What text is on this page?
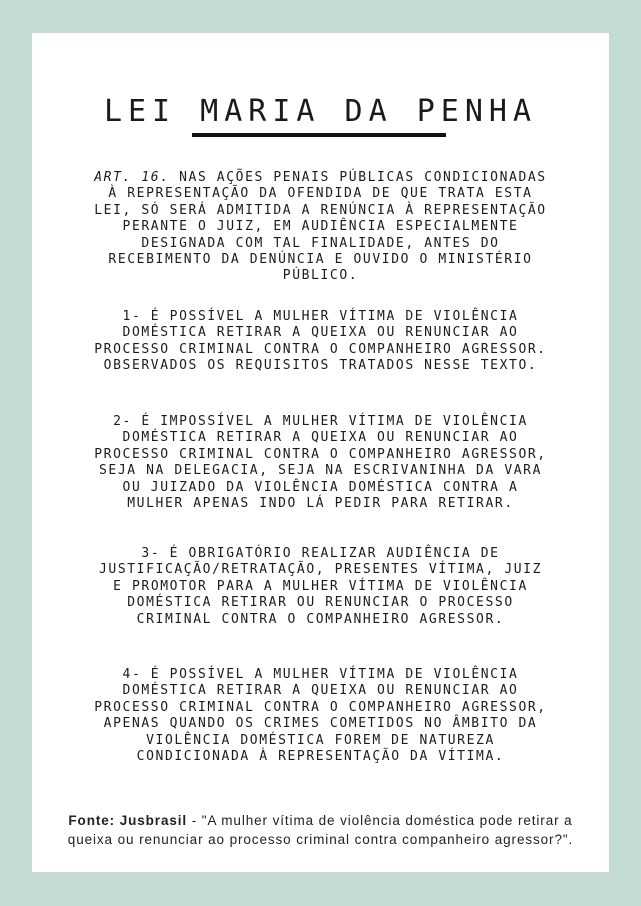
LEI MARIA DA PENHA
ART. 16. NAS AÇÕES PENAIS PÚBLICAS CONDICIONADAS
À REPRESENTAÇÃO DA OFENDIDA DE QUE TRATA ESTA
LEI, SÓ SERÁ ADMITIDA A RENÚNCIA À REPRESENTAÇÃO
PERANTE O JUIZ, EM AUDIÊNCIA ESPECIALMENTE
DESIGNADA COM TAL FINALIDADE, ANTES DO
RECEBIMENTO DA DENÚNCIA E OUVIDO O MINISTÉRIO
PÚBLICO.
1- É POSSÍVEL A MULHER VÍTIMA DE VIOLÊNCIA
DOMÉSTICA RETIRAR A QUEIXA OU RENUNCIAR AO
PROCESSO CRIMINAL CONTRA O COMPANHEIRO AGRESSOR.
OBSERVADOS OS REQUISITOS TRATADOS NESSE TEXTO.
2- É IMPOSSÍVEL A MULHER VÍTIMA DE VIOLÊNCIA
DOMÉSTICA RETIRAR A QUEIXA OU RENUNCIAR AO
PROCESSO CRIMINAL CONTRA O COMPANHEIRO AGRESSOR,
SEJA NA DELEGACIA, SEJA NA ESCRIVANINHA DA VARA
OU JUIZADO DA VIOLÊNCIA DOMÉSTICA CONTRA A
MULHER APENAS INDO LÁ PEDIR PARA RETIRAR.
3- É OBRIGATÓRIO REALIZAR AUDIÊNCIA DE
JUSTIFICAÇÃO/RETRATAÇÃO, PRESENTES VÍTIMA, JUIZ
E PROMOTOR PARA A MULHER VÍTIMA DE VIOLÊNCIA
DOMÉSTICA RETIRAR OU RENUNCIAR O PROCESSO
CRIMINAL CONTRA O COMPANHEIRO AGRESSOR.
4- É POSSÍVEL A MULHER VÍTIMA DE VIOLÊNCIA
DOMÉSTICA RETIRAR A QUEIXA OU RENUNCIAR AO
PROCESSO CRIMINAL CONTRA O COMPANHEIRO AGRESSOR,
APENAS QUANDO OS CRIMES COMETIDOS NO ÂMBITO DA
VIOLÊNCIA DOMÉSTICA FOREM DE NATUREZA
CONDICIONADA À REPRESENTAÇÃO DA VÍTIMA.
Fonte: Jusbrasil - "A mulher vítima de violência doméstica pode retirar a queixa ou renunciar ao processo criminal contra companheiro agressor?".
